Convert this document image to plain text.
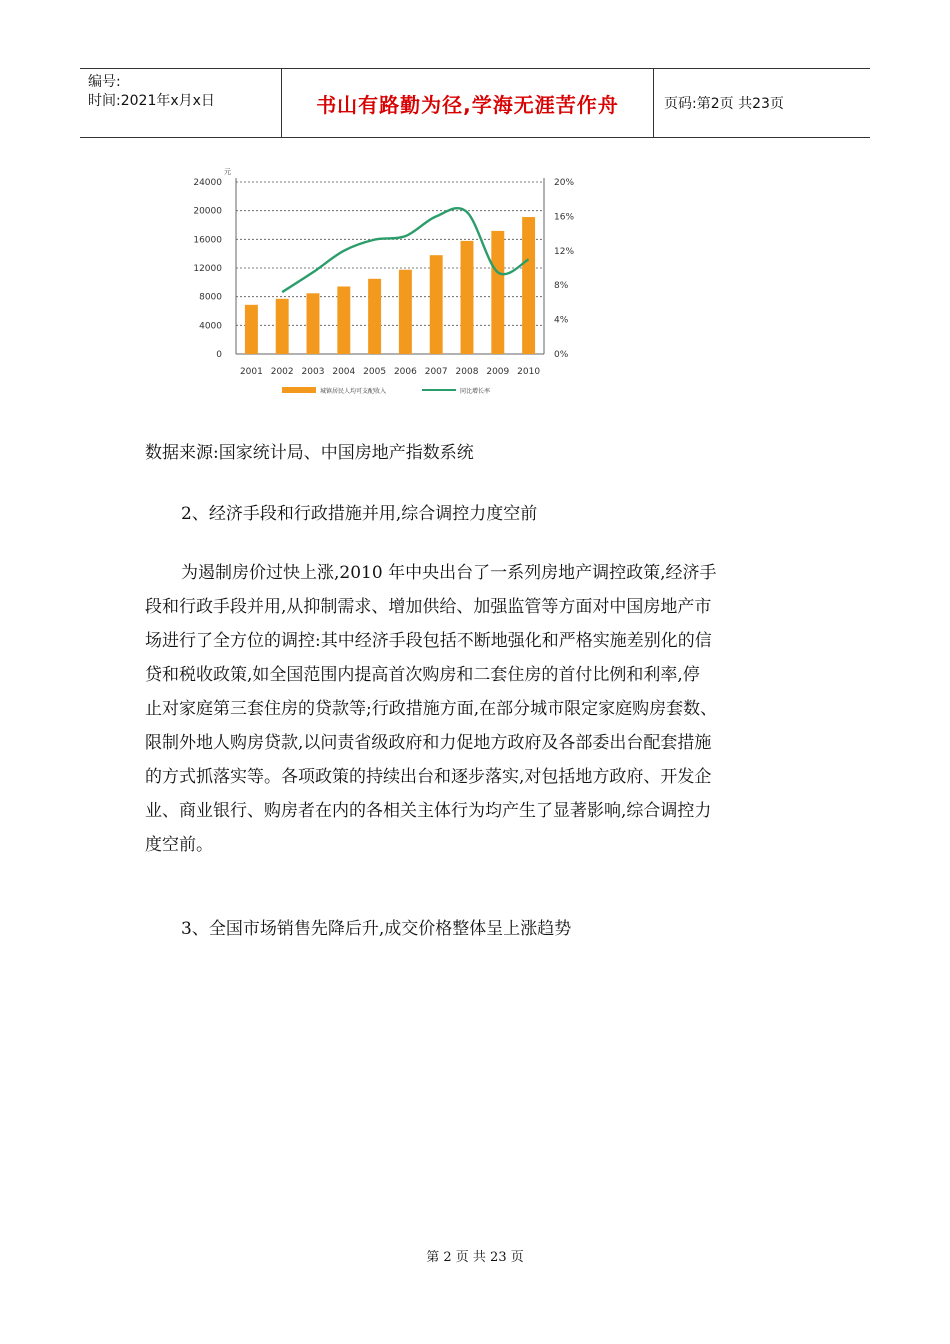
编号:
时间:2021年x月x日	书山有路勤为径,学海无涯苦作舟	页码:第2页 共23页
24000
20000
16000
12000
8000
4000
0
20%
16%
12%
8%
4%
0%
元
2001 2002 2003 2004 2005 2006 2007 2008 2009 2010
城镇居民人均可支配收入	同比增长率

数据来源:国家统计局、中国房地产指数系统

2、经济手段和行政措施并用,综合调控力度空前

为遏制房价过快上涨,2010 年中央出台了一系列房地产调控政策,经济手
段和行政手段并用,从抑制需求、增加供给、加强监管等方面对中国房地产市
场进行了全方位的调控:其中经济手段包括不断地强化和严格实施差别化的信
贷和税收政策,如全国范围内提高首次购房和二套住房的首付比例和利率,停
止对家庭第三套住房的贷款等;行政措施方面,在部分城市限定家庭购房套数、
限制外地人购房贷款,以问责省级政府和力促地方政府及各部委出台配套措施
的方式抓落实等。各项政策的持续出台和逐步落实,对包括地方政府、开发企
业、商业银行、购房者在内的各相关主体行为均产生了显著影响,综合调控力
度空前。

3、全国市场销售先降后升,成交价格整体呈上涨趋势

第 2 页 共 23 页
